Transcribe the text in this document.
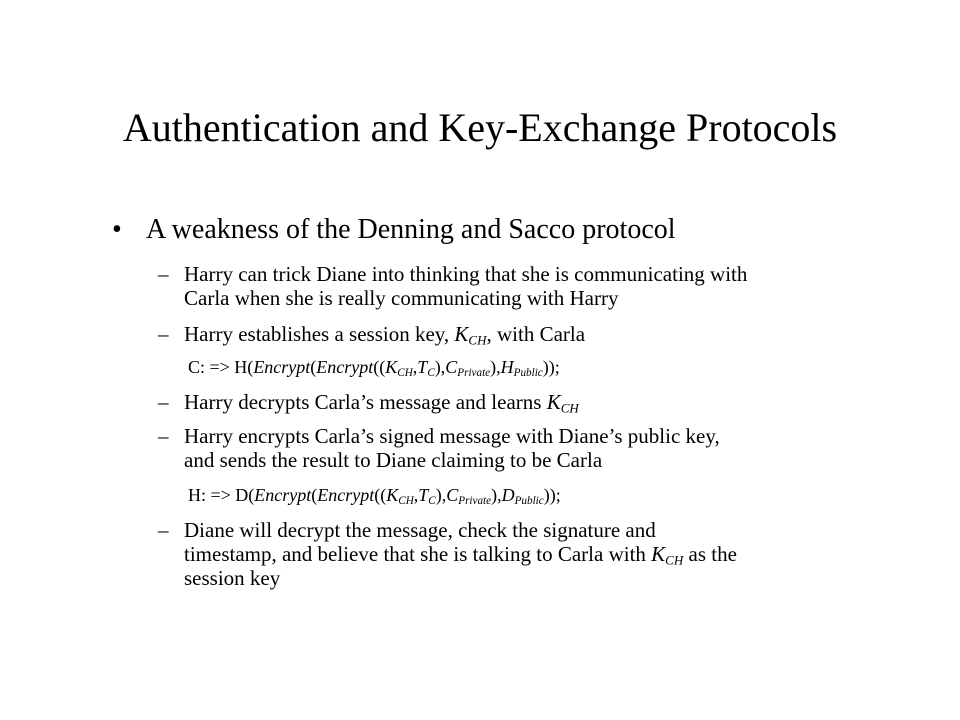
Authentication and Key-Exchange Protocols
• A weakness of the Denning and Sacco protocol
– Harry can trick Diane into thinking that she is communicating with
Carla when she is really communicating with Harry
– Harry establishes a session key, $K_{CH}$, with Carla
C: => $H(Encrypt(Encrypt((K_{CH},T_C),C_{Private}),H_{Public}))$;
– Harry decrypts Carla’s message and learns $K_{CH}$
– Harry encrypts Carla’s signed message with Diane’s public key,
and sends the result to Diane claiming to be Carla
H: => $D(Encrypt(Encrypt((K_{CH},T_C),C_{Private}),D_{Public}))$;
– Diane will decrypt the message, check the signature and
timestamp, and believe that she is talking to Carla with $K_{CH}$ as the
session key
